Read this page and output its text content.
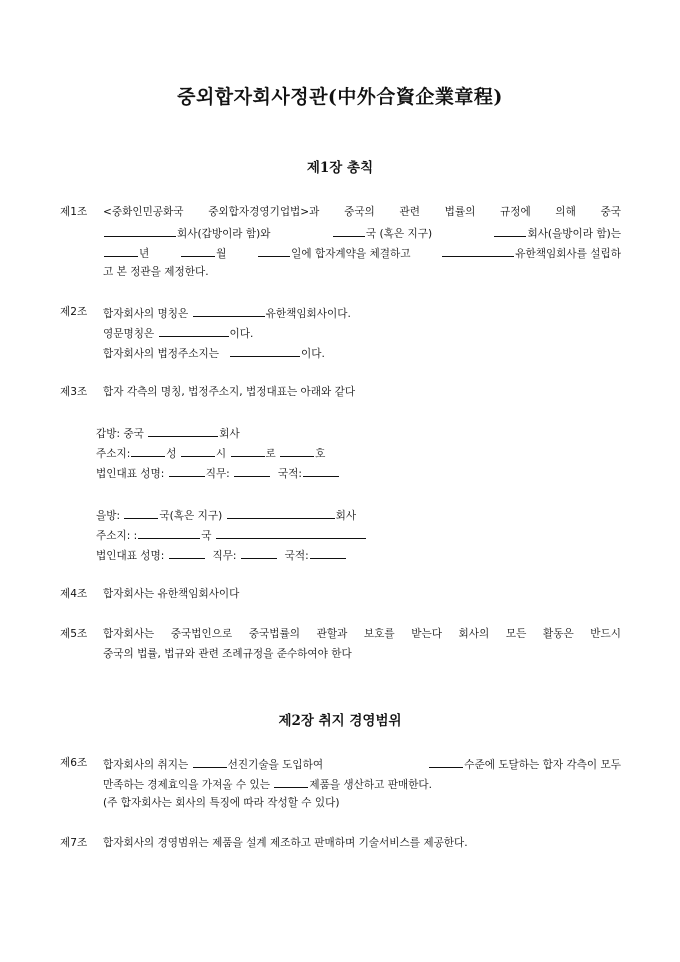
중외합자회사정관(中外合資企業章程)
제1장 총칙
제1조 <중화인민공화국 중외합자경영기업법>과 중국의 관련 법률의 규정에 의해 중국
회사(갑방이라 함)와	국 (혹은 지구)	회사(을방이라 함)는
년	월	일에 합자계약을 체결하고	유한책임회사를 설립하
고 본 정관을 제정한다.
제2조 합자회사의 명칭은	유한책임회사이다.
영문명칭은	이다.
합자회사의 법정주소지는	이다.
제3조 합자 각측의 명칭, 법정주소지, 법정대표는 아래와 같다
갑방: 중국	회사
주소지:	성	시	로	호
법인대표 성명:	직무:	국적:
을방:	국(혹은 지구)	회사
주소지: :	국
법인대표 성명:	직무:	국적:
제4조 합자회사는 유한책임회사이다
제5조 합자회사는 중국법인으로 중국법률의 관할과 보호를 받는다 회사의 모든 활동은 반드시
중국의 법률, 법규와 관련 조례규정을 준수하여야 한다
제2장 취지 경영범위
제6조 합자회사의 취지는	선진기술을 도입하여	수준에 도달하는 합자 각측이 모두
만족하는 경제효익을 가져올 수 있는	제품을 생산하고 판매한다.
(주 합자회사는 회사의 특징에 따라 작성할 수 있다)
제7조 합자회사의 경영범위는 제품을 설계 제조하고 판매하며 기술서비스를 제공한다.
